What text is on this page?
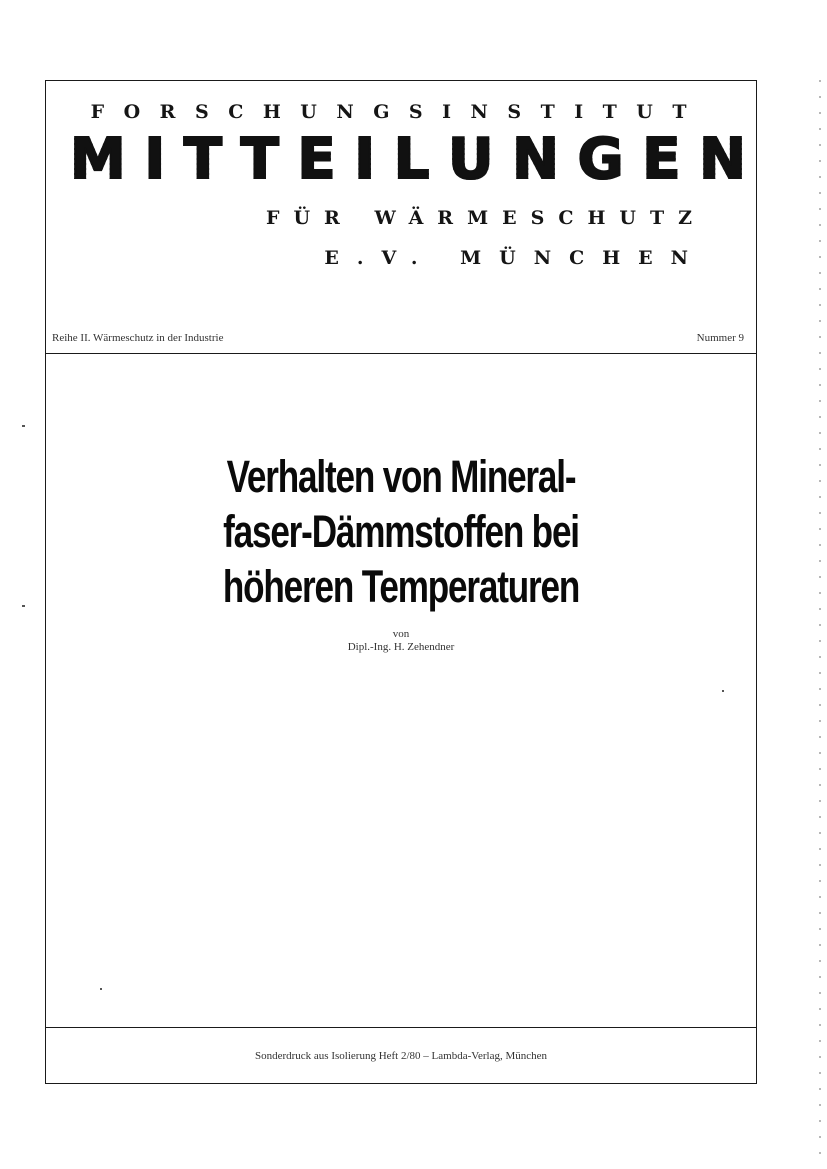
FORSCHUNGSINSTITUT
M I T T E I L U N G E N
FÜR WÄRMESCHUTZ
E.V. MÜNCHEN
Reihe II. Wärmeschutz in der Industrie	Nummer 9
Verhalten von Mineral-
faser-Dämmstoffen bei
höheren Temperaturen
von
Dipl.-Ing. H. Zehendner
Sonderdruck aus Isolierung Heft 2/80 – Lambda-Verlag, München
